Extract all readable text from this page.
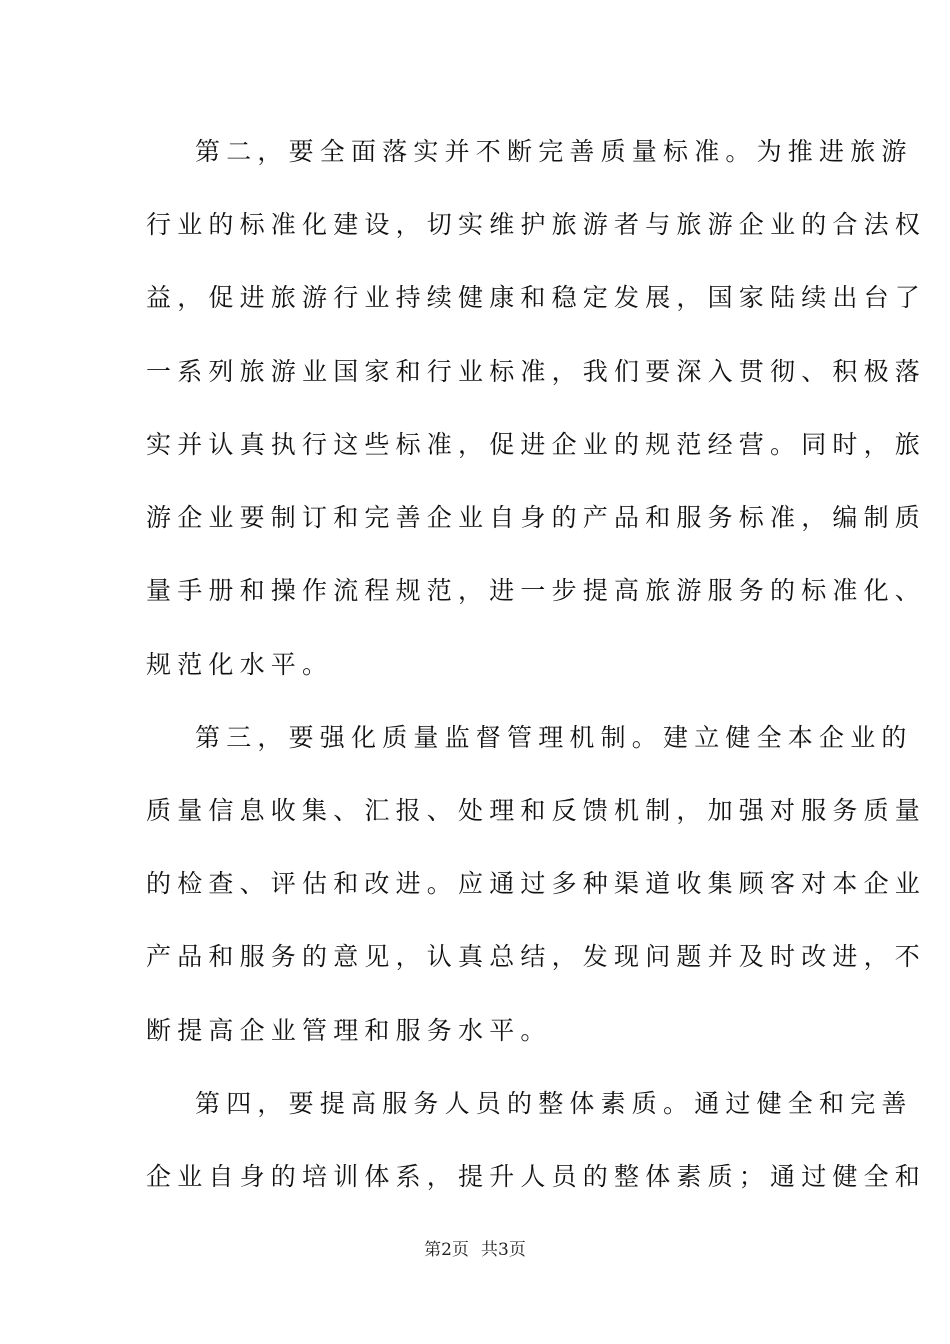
第二，要全面落实并不断完善质量标准。为推进旅游
行业的标准化建设，切实维护旅游者与旅游企业的合法权
益，促进旅游行业持续健康和稳定发展，国家陆续出台了
一系列旅游业国家和行业标准，我们要深入贯彻、积极落
实并认真执行这些标准，促进企业的规范经营。同时，旅
游企业要制订和完善企业自身的产品和服务标准，编制质
量手册和操作流程规范，进一步提高旅游服务的标准化、
规范化水平。
第三，要强化质量监督管理机制。建立健全本企业的
质量信息收集、汇报、处理和反馈机制，加强对服务质量
的检查、评估和改进。应通过多种渠道收集顾客对本企业
产品和服务的意见，认真总结，发现问题并及时改进，不
断提高企业管理和服务水平。
第四，要提高服务人员的整体素质。通过健全和完善
企业自身的培训体系，提升人员的整体素质；通过健全和
第2页 共3页
